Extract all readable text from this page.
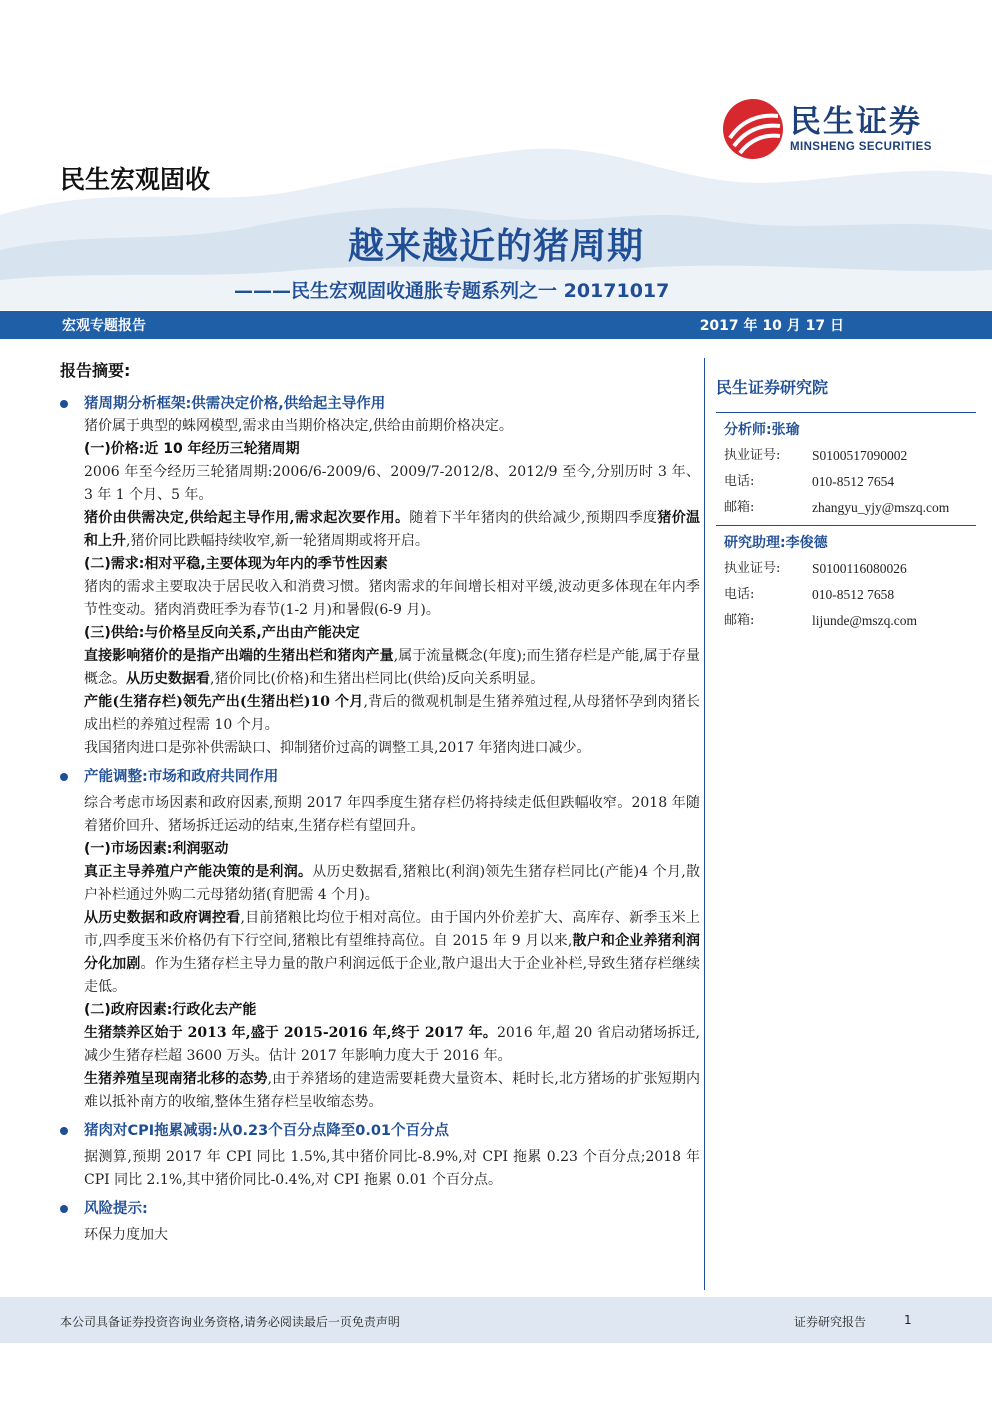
民生证券
MINSHENG SECURITIES
民生宏观固收
越来越近的猪周期
———民生宏观固收通胀专题系列之一 20171017
宏观专题报告	2017 年 10 月 17 日
报告摘要:
猪周期分析框架:供需决定价格,供给起主导作用
猪价属于典型的蛛网模型,需求由当期价格决定,供给由前期价格决定。
(一)价格:近 10 年经历三轮猪周期
2006 年至今经历三轮猪周期:2006/6-2009/6、2009/7-2012/8、2012/9 至今,分别历时 3 年、3 年 1 个月、5 年。
猪价由供需决定,供给起主导作用,需求起次要作用。随着下半年猪肉的供给减少,预期四季度猪价温和上升,猪价同比跌幅持续收窄,新一轮猪周期或将开启。
(二)需求:相对平稳,主要体现为年内的季节性因素
猪肉的需求主要取决于居民收入和消费习惯。猪肉需求的年间增长相对平缓,波动更多体现在年内季节性变动。猪肉消费旺季为春节(1-2 月)和暑假(6-9 月)。
(三)供给:与价格呈反向关系,产出由产能决定
直接影响猪价的是指产出端的生猪出栏和猪肉产量,属于流量概念(年度);而生猪存栏是产能,属于存量概念。从历史数据看,猪价同比(价格)和生猪出栏同比(供给)反向关系明显。
产能(生猪存栏)领先产出(生猪出栏)10 个月,背后的微观机制是生猪养殖过程,从母猪怀孕到肉猪长成出栏的养殖过程需 10 个月。
我国猪肉进口是弥补供需缺口、抑制猪价过高的调整工具,2017 年猪肉进口减少。
产能调整:市场和政府共同作用
综合考虑市场因素和政府因素,预期 2017 年四季度生猪存栏仍将持续走低但跌幅收窄。2018 年随着猪价回升、猪场拆迁运动的结束,生猪存栏有望回升。
(一)市场因素:利润驱动
真正主导养殖户产能决策的是利润。从历史数据看,猪粮比(利润)领先生猪存栏同比(产能)4 个月,散户补栏通过外购二元母猪幼猪(育肥需 4 个月)。
从历史数据和政府调控看,目前猪粮比均位于相对高位。由于国内外价差扩大、高库存、新季玉米上市,四季度玉米价格仍有下行空间,猪粮比有望维持高位。自 2015 年 9 月以来,散户和企业养猪利润分化加剧。作为生猪存栏主导力量的散户利润远低于企业,散户退出大于企业补栏,导致生猪存栏继续走低。
(二)政府因素:行政化去产能
生猪禁养区始于 2013 年,盛于 2015-2016 年,终于 2017 年。2016 年,超 20 省启动猪场拆迁,减少生猪存栏超 3600 万头。估计 2017 年影响力度大于 2016 年。
生猪养殖呈现南猪北移的态势,由于养猪场的建造需要耗费大量资本、耗时长,北方猪场的扩张短期内难以抵补南方的收缩,整体生猪存栏呈收缩态势。
猪肉对CPI拖累减弱:从0.23个百分点降至0.01个百分点
据测算,预期 2017 年 CPI 同比 1.5%,其中猪价同比-8.9%,对 CPI 拖累 0.23 个百分点;2018 年 CPI 同比 2.1%,其中猪价同比-0.4%,对 CPI 拖累 0.01 个百分点。
风险提示:
环保力度加大
民生证券研究院
分析师:张瑜
执业证号:	S0100517090002
电话:	010-8512 7654
邮箱:	zhangyu_yjy@mszq.com
研究助理:李俊德
执业证号:	S0100116080026
电话:	010-8512 7658
邮箱:	lijunde@mszq.com
本公司具备证券投资咨询业务资格,请务必阅读最后一页免责声明	证券研究报告	1
